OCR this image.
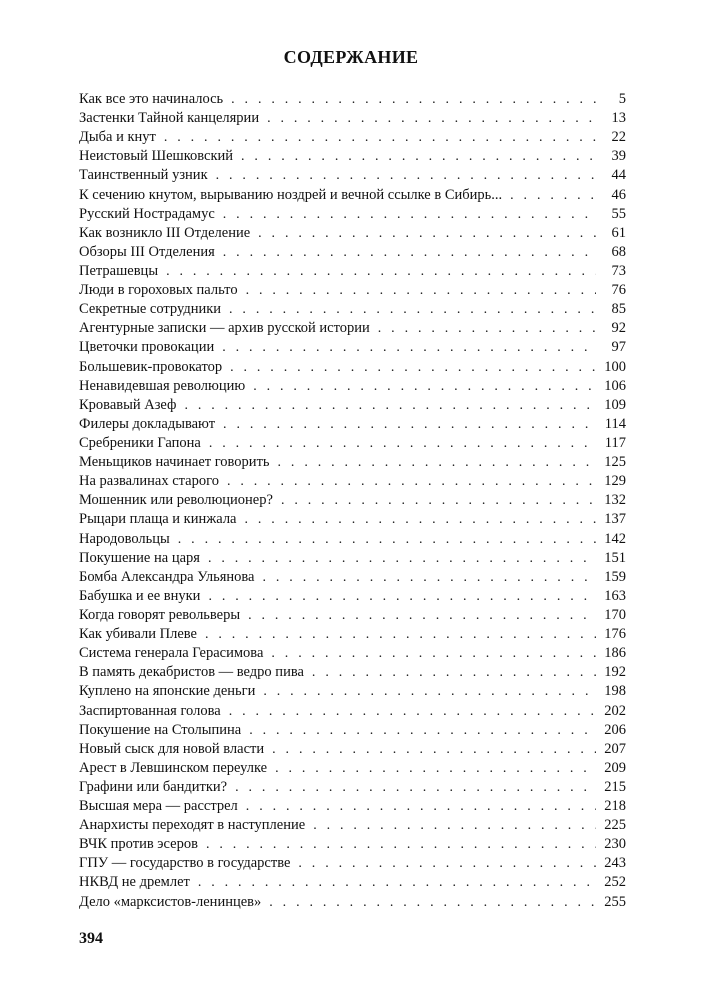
СОДЕРЖАНИЕ
Как все это начиналось . . .	5
Застенки Тайной канцелярии . . .	13
Дыба и кнут . . .	22
Неистовый Шешковский . . .	39
Таинственный узник . . .	44
К сечению кнутом, вырыванию ноздрей и вечной ссылке в Сибирь... . . .	46
Русский Нострадамус . . .	55
Как возникло III Отделение . . .	61
Обзоры III Отделения . . .	68
Петрашевцы . . .	73
Люди в гороховых пальто . . .	76
Секретные сотрудники . . .	85
Агентурные записки — архив русской истории . . .	92
Цветочки провокации . . .	97
Большевик-провокатор . . .	100
Ненавидевшая революцию . . .	106
Кровавый Азеф . . .	109
Филеры докладывают . . .	114
Сребреники Гапона . . .	117
Меньщиков начинает говорить . . .	125
На развалинах старого . . .	129
Мошенник или революционер? . . .	132
Рыцари плаща и кинжала . . .	137
Народовольцы . . .	142
Покушение на царя . . .	151
Бомба Александра Ульянова . . .	159
Бабушка и ее внуки . . .	163
Когда говорят револьверы . . .	170
Как убивали Плеве . . .	176
Система генерала Герасимова . . .	186
В память декабристов — ведро пива . . .	192
Куплено на японские деньги . . .	198
Заспиртованная голова . . .	202
Покушение на Столыпина . . .	206
Новый сыск для новой власти . . .	207
Арест в Левшинском переулке . . .	209
Графини или бандитки? . . .	215
Высшая мера — расстрел . . .	218
Анархисты переходят в наступление . . .	225
ВЧК против эсеров . . .	230
ГПУ — государство в государстве . . .	243
НКВД не дремлет . . .	252
Дело «марксистов-ленинцев» . . .	255
394
